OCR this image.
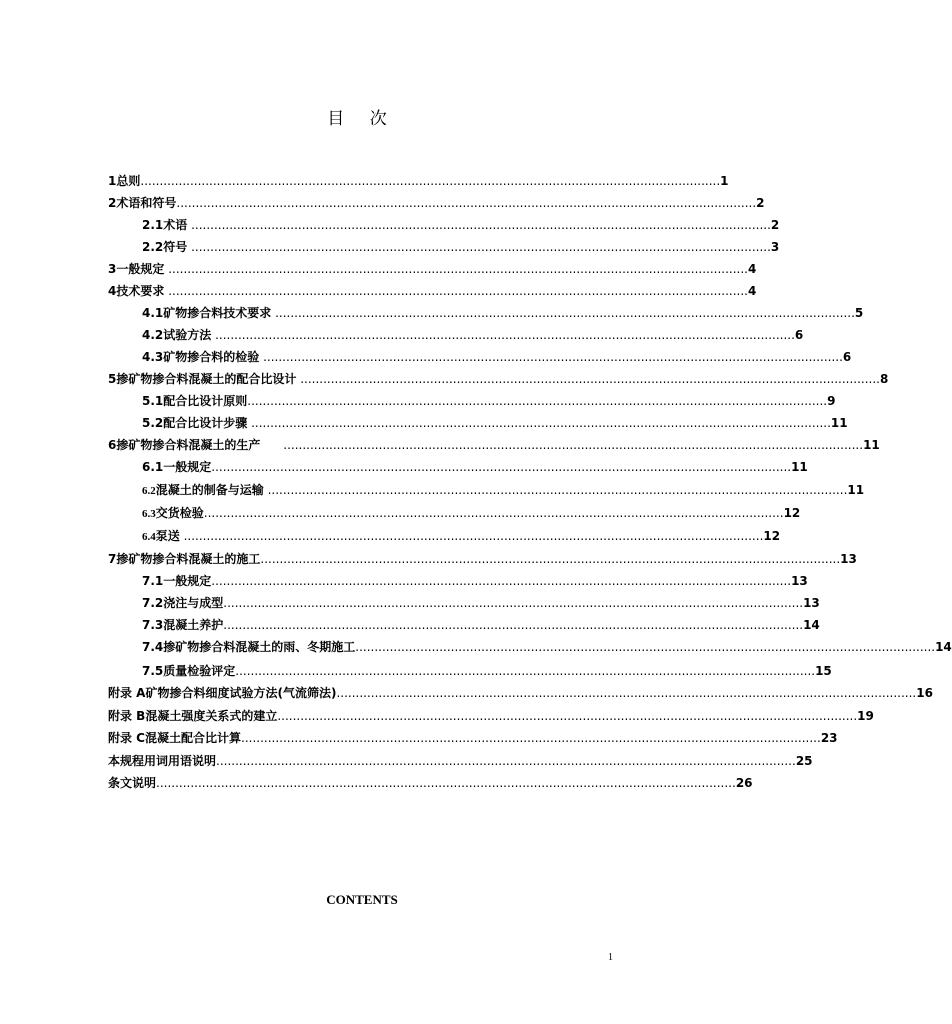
目 次
1 总则 ........................................................................................................................................................ 1
2 术语和符号 ........................................................................................................................................................ 2
2.1 术语 ........................................................................................................................................................ 2
2.2 符号 ........................................................................................................................................................ 3
3 一般规定 ........................................................................................................................................................ 4
4 技术要求 ........................................................................................................................................................ 4
4.1 矿物掺合料技术要求 ........................................................................................................................................................ 5
4.2 试验方法 ........................................................................................................................................................ 6
4.3 矿物掺合料的检验 ........................................................................................................................................................ 6
5 掺矿物掺合料混凝土的配合比设计 ........................................................................................................................................................ 8
5.1 配合比设计原则 ........................................................................................................................................................ 9
5.2 配合比设计步骤 ........................................................................................................................................................ 11
6 掺矿物掺合料混凝土的生产 ........................................................................................................................................................ 11
6.1 一般规定 ........................................................................................................................................................ 11
6.2 混凝土的制备与运输 ........................................................................................................................................................ 11
6.3 交货检验 ........................................................................................................................................................ 12
6.4 泵送 ........................................................................................................................................................ 12
7 掺矿物掺合料混凝土的施工 ........................................................................................................................................................ 13
7.1 一般规定 ........................................................................................................................................................ 13
7.2 浇注与成型 ........................................................................................................................................................ 13
7.3 混凝土养护 ........................................................................................................................................................ 14
7.4 掺矿物掺合料混凝土的雨、冬期施工 ........................................................................................................................................................ 14
7.5 质量检验评定 ........................................................................................................................................................ 15
附录 A 矿物掺合料细度试验方法(气流筛法) ........................................................................................................................................................ 16
附录 B 混凝土强度关系式的建立 ........................................................................................................................................................ 19
附录 C 混凝土配合比计算 ........................................................................................................................................................ 23
本规程用词用语说明 ........................................................................................................................................................ 25
条文说明 ........................................................................................................................................................ 26
CONTENTS
1
